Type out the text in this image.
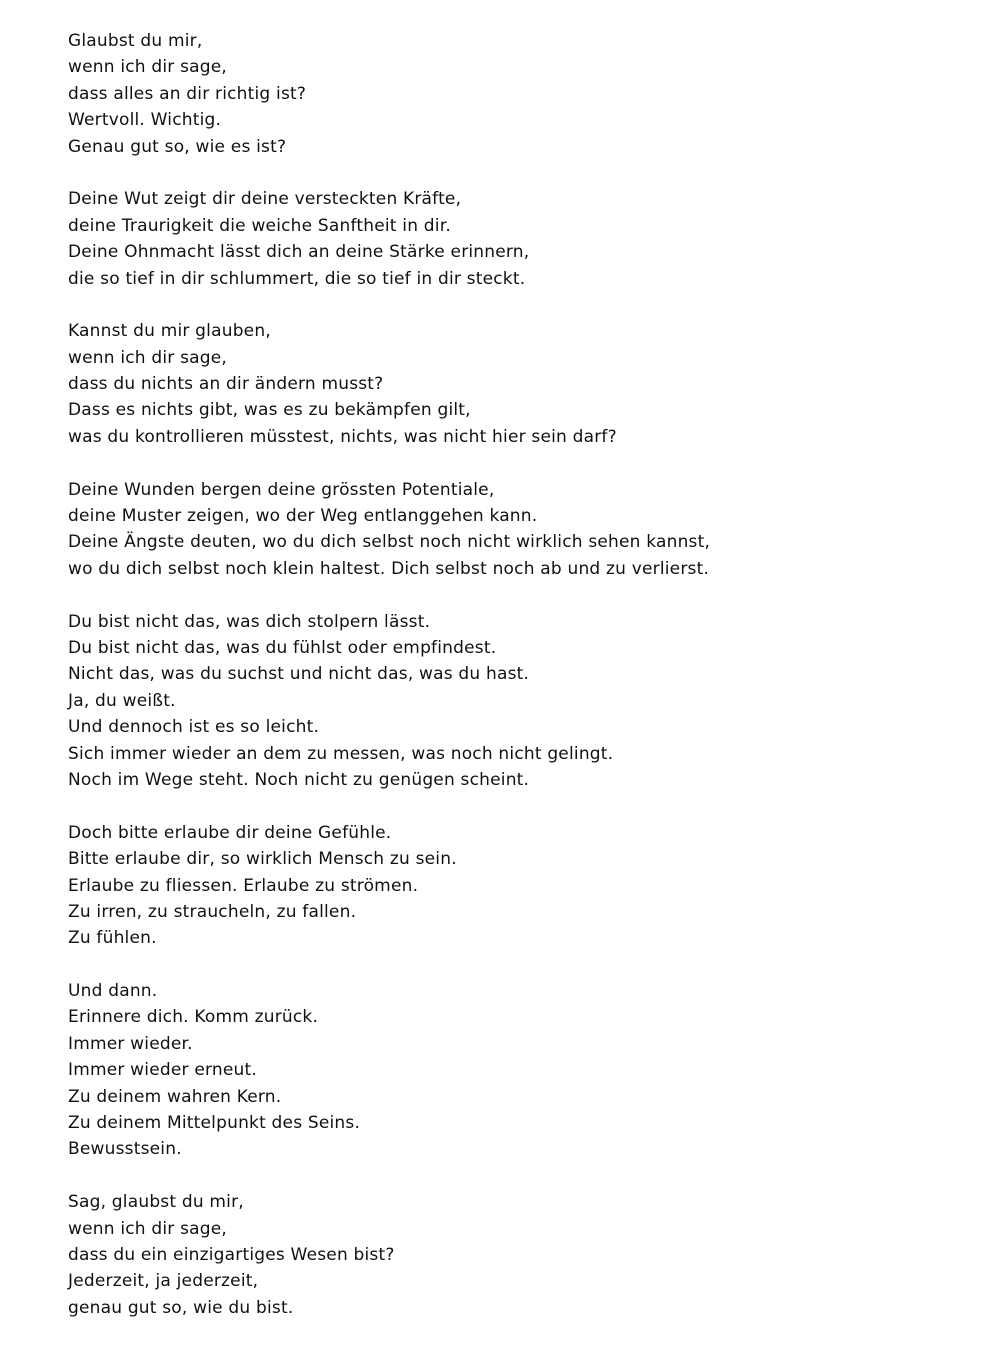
Glaubst du mir,
wenn ich dir sage,
dass alles an dir richtig ist?
Wertvoll. Wichtig.
Genau gut so, wie es ist?
Deine Wut zeigt dir deine versteckten Kräfte,
deine Traurigkeit die weiche Sanftheit in dir.
Deine Ohnmacht lässt dich an deine Stärke erinnern,
die so tief in dir schlummert, die so tief in dir steckt.
Kannst du mir glauben,
wenn ich dir sage,
dass du nichts an dir ändern musst?
Dass es nichts gibt, was es zu bekämpfen gilt,
was du kontrollieren müsstest, nichts, was nicht hier sein darf?
Deine Wunden bergen deine grössten Potentiale,
deine Muster zeigen, wo der Weg entlanggehen kann.
Deine Ängste deuten, wo du dich selbst noch nicht wirklich sehen kannst,
wo du dich selbst noch klein haltest. Dich selbst noch ab und zu verlierst.
Du bist nicht das, was dich stolpern lässt.
Du bist nicht das, was du fühlst oder empfindest.
Nicht das, was du suchst und nicht das, was du hast.
Ja, du weißt.
Und dennoch ist es so leicht.
Sich immer wieder an dem zu messen, was noch nicht gelingt.
Noch im Wege steht. Noch nicht zu genügen scheint.
Doch bitte erlaube dir deine Gefühle.
Bitte erlaube dir, so wirklich Mensch zu sein.
Erlaube zu fliessen. Erlaube zu strömen.
Zu irren, zu straucheln, zu fallen.
Zu fühlen.
Und dann.
Erinnere dich. Komm zurück.
Immer wieder.
Immer wieder erneut.
Zu deinem wahren Kern.
Zu deinem Mittelpunkt des Seins.
Bewusstsein.
Sag, glaubst du mir,
wenn ich dir sage,
dass du ein einzigartiges Wesen bist?
Jederzeit, ja jederzeit,
genau gut so, wie du bist.
